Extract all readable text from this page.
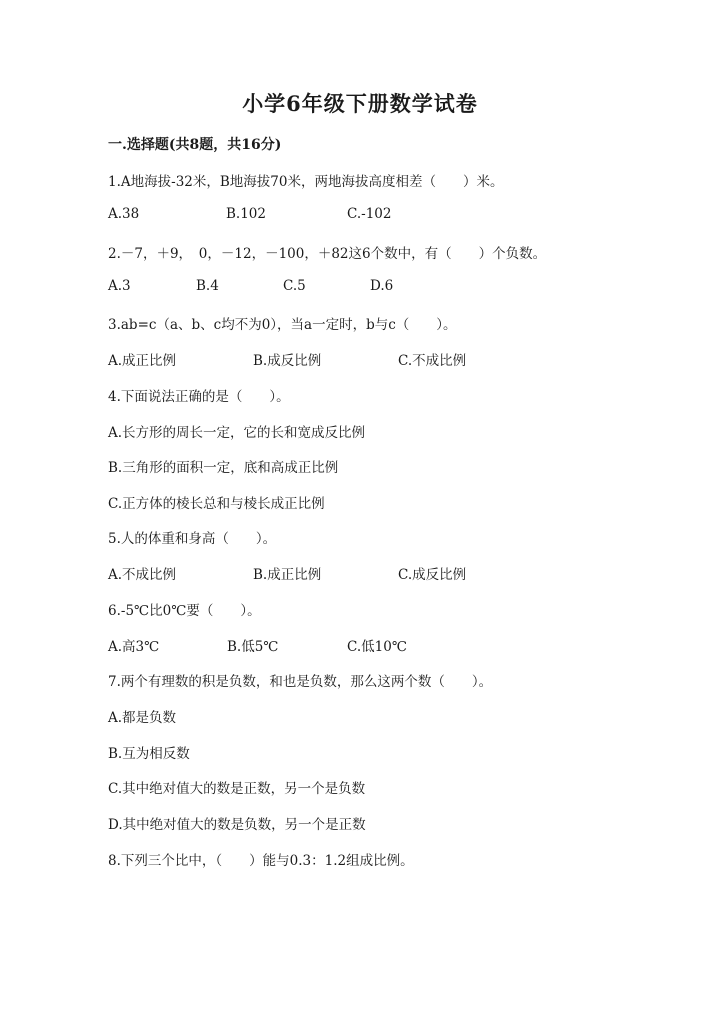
小学6年级下册数学试卷
一.选择题(共8题，共16分)
1.A地海拔-32米，B地海拔70米，两地海拔高度相差（　　）米。
A.38	B.102	C.-102
2.－7，＋9，　0，－12，－100，＋82这6个数中，有（　　）个负数。
A.3	B.4	C.5	D.6
3.ab=c（a、b、c均不为0），当a一定时，b与c（　　）。
A.成正比例	B.成反比例	C.不成比例
4.下面说法正确的是（　　）。
A.长方形的周长一定，它的长和宽成反比例
B.三角形的面积一定，底和高成正比例
C.正方体的棱长总和与棱长成正比例
5.人的体重和身高（　　）。
A.不成比例	B.成正比例	C.成反比例
6.-5℃比0℃要（　　）。
A.高3℃	B.低5℃	C.低10℃
7.两个有理数的积是负数，和也是负数，那么这两个数（　　）。
A.都是负数
B.互为相反数
C.其中绝对值大的数是正数，另一个是负数
D.其中绝对值大的数是负数，另一个是正数
8.下列三个比中，（　　）能与0.3：1.2组成比例。
